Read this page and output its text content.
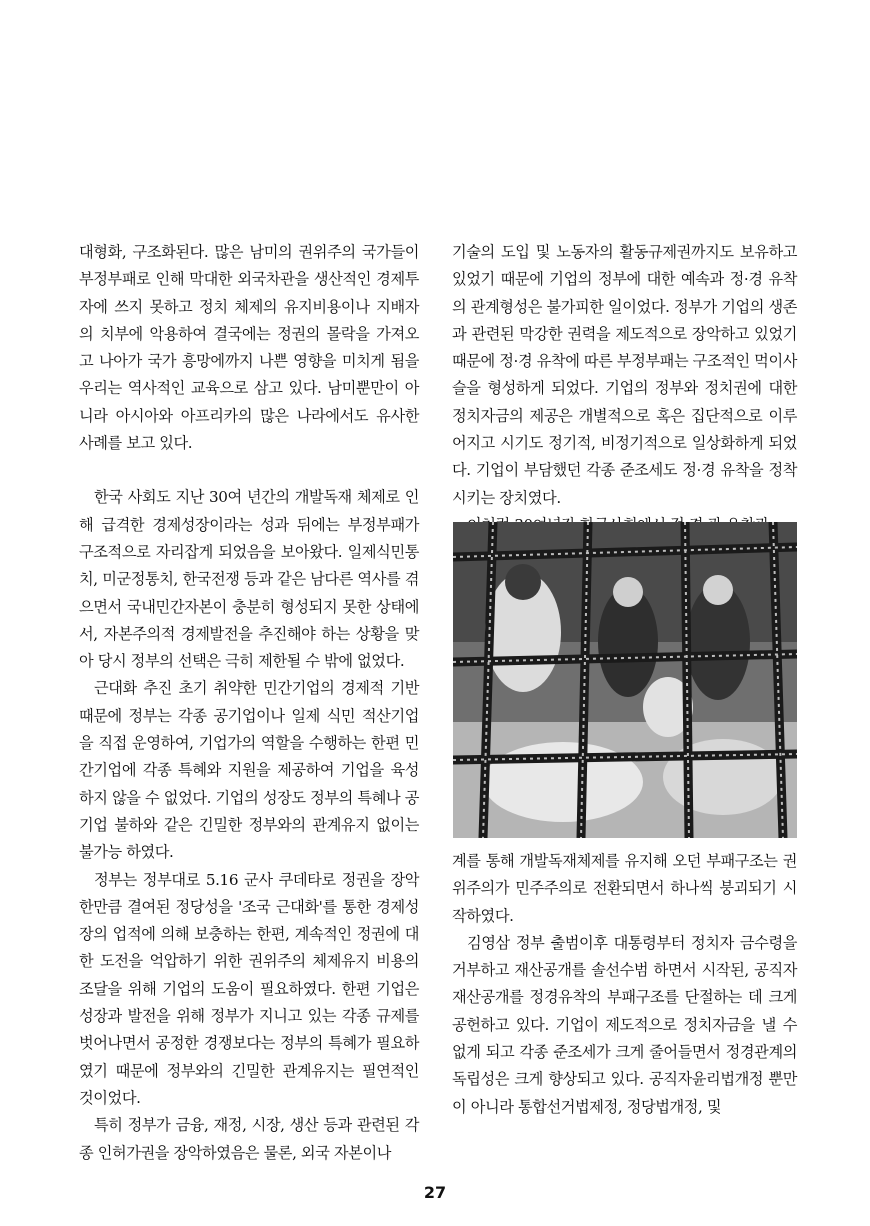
대형화, 구조화된다. 많은 남미의 권위주의 국가들이 부정부패로 인해 막대한 외국차관을 생산적인 경제투자에 쓰지 못하고 정치 체제의 유지비용이나 지배자의 치부에 악용하여 결국에는 정권의 몰락을 가져오고 나아가 국가 흥망에까지 나쁜 영향을 미치게 됨을 우리는 역사적인 교육으로 삼고 있다. 남미뿐만이 아니라 아시아와 아프리카의 많은 나라에서도 유사한 사례를 보고 있다.

한국 사회도 지난 30여 년간의 개발독재 체제로 인해 급격한 경제성장이라는 성과 뒤에는 부정부패가 구조적으로 자리잡게 되었음을 보아왔다. 일제식민통치, 미군정통치, 한국전쟁 등과 같은 남다른 역사를 겪으면서 국내민간자본이 충분히 형성되지 못한 상태에서, 자본주의적 경제발전을 추진해야 하는 상황을 맞아 당시 정부의 선택은 극히 제한될 수 밖에 없었다.

근대화 추진 초기 취약한 민간기업의 경제적 기반 때문에 정부는 각종 공기업이나 일제 식민 적산기업을 직접 운영하여, 기업가의 역할을 수행하는 한편 민간기업에 각종 특혜와 지원을 제공하여 기업을 육성하지 않을 수 없었다. 기업의 성장도 정부의 특혜나 공기업 불하와 같은 긴밀한 정부와의 관계유지 없이는 불가능 하였다.

정부는 정부대로 5.16 군사 쿠데타로 정권을 장악한만큼 결여된 정당성을 '조국 근대화'를 통한 경제성장의 업적에 의해 보충하는 한편, 계속적인 정권에 대한 도전을 억압하기 위한 권위주의 체제유지 비용의 조달을 위해 기업의 도움이 필요하였다. 한편 기업은 성장과 발전을 위해 정부가 지니고 있는 각종 규제를 벗어나면서 공정한 경쟁보다는 정부의 특혜가 필요하였기 때문에 정부와의 긴밀한 관계유지는 필연적인 것이었다.

특히 정부가 금융, 재정, 시장, 생산 등과 관련된 각종 인허가권을 장악하였음은 물론, 외국 자본이나

기술의 도입 및 노동자의 활동규제권까지도 보유하고 있었기 때문에 기업의 정부에 대한 예속과 정·경 유착의 관계형성은 불가피한 일이었다. 정부가 기업의 생존과 관련된 막강한 권력을 제도적으로 장악하고 있었기 때문에 정·경 유착에 따른 부정부패는 구조적인 먹이사슬을 형성하게 되었다. 기업의 정부와 정치권에 대한 정치자금의 제공은 개별적으로 혹은 집단적으로 이루어지고 시기도 정기적, 비정기적으로 일상화하게 되었다. 기업이 부담했던 각종 준조세도 정·경 유착을 정착시키는 장치였다.

계를 통해 개발독재체제를 유지해 오던 부패구조는 권위주의가 민주주의로 전환되면서 하나씩 붕괴되기 시작하였다.

김영삼 정부 출범이후 대통령부터 정치자 금수령을 거부하고 재산공개를 솔선수범 하면서 시작된, 공직자재산공개를 정경유착의 부패구조를 단절하는 데 크게 공헌하고 있다. 기업이 제도적으로 정치자금을 낼 수 없게 되고 각종 준조세가 크게 줄어들면서 정경관계의 독립성은 크게 향상되고 있다. 공직자윤리법개정 뿐만이 아니라 통합선거법제정, 정당법개정, 및

27
